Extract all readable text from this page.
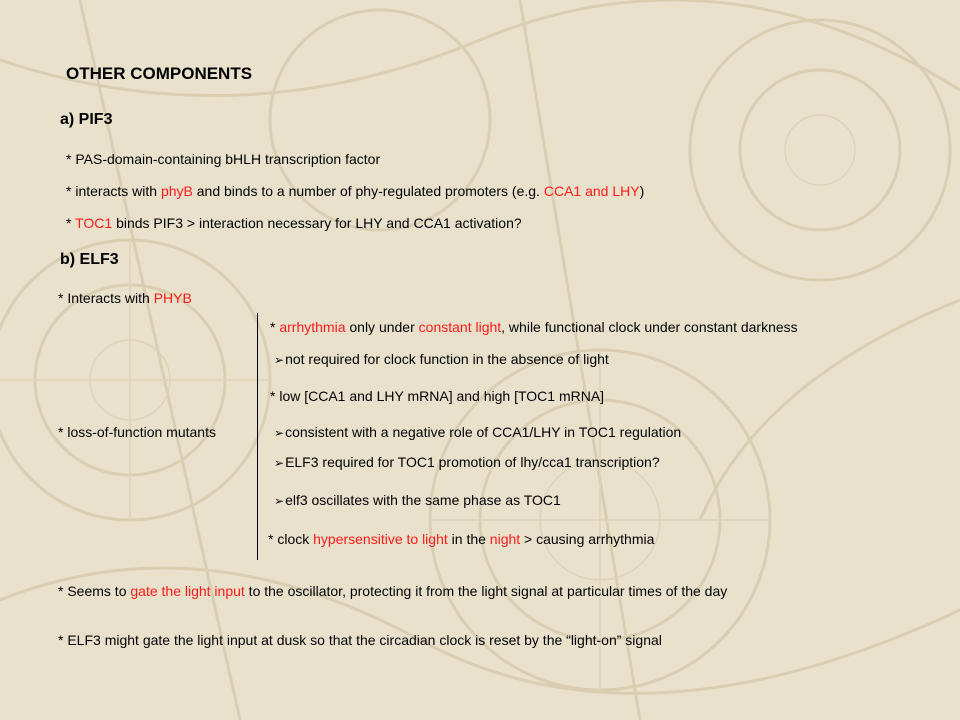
OTHER COMPONENTS
a) PIF3
* PAS-domain-containing bHLH transcription factor
* interacts with phyB and binds to a number of phy-regulated promoters (e.g. CCA1 and LHY)
* TOC1 binds PIF3 > interaction necessary for LHY and CCA1 activation?
b) ELF3
* Interacts with PHYB
* arrhythmia only under constant light, while functional clock under constant darkness
➢not required for clock function in the absence of light
* low [CCA1 and LHY mRNA] and high [TOC1 mRNA]
* loss-of-function mutants	➢consistent with a negative role of CCA1/LHY in TOC1 regulation
➢ELF3 required for TOC1 promotion of lhy/cca1 transcription?
➢elf3 oscillates with the same phase as TOC1
* clock hypersensitive to light in the night > causing arrhythmia
* Seems to gate the light input to the oscillator, protecting it from the light signal at particular times of the day
* ELF3 might gate the light input at dusk so that the circadian clock is reset by the “light-on” signal
